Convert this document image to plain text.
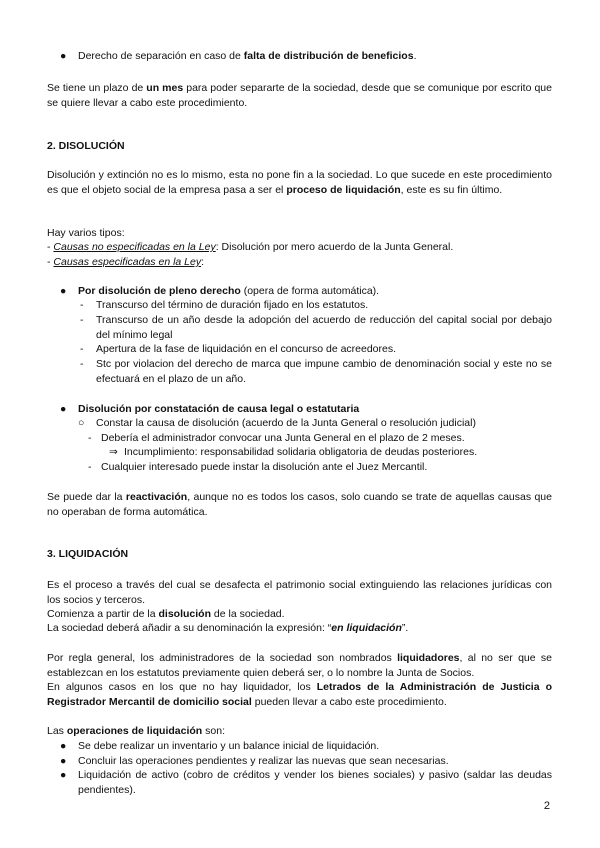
● Derecho de separación en caso de falta de distribución de beneficios.
Se tiene un plazo de un mes para poder separarte de la sociedad, desde que se comunique por escrito que se quiere llevar a cabo este procedimiento.
2. DISOLUCIÓN
Disolución y extinción no es lo mismo, esta no pone fin a la sociedad. Lo que sucede en este procedimiento es que el objeto social de la empresa pasa a ser el proceso de liquidación, este es su fin último.
Hay varios tipos:
- Causas no especificadas en la Ley: Disolución por mero acuerdo de la Junta General.
- Causas especificadas en la Ley:
● Por disolución de pleno derecho (opera de forma automática).
- Transcurso del término de duración fijado en los estatutos.
- Transcurso de un año desde la adopción del acuerdo de reducción del capital social por debajo del mínimo legal
- Apertura de la fase de liquidación en el concurso de acreedores.
- Stc por violacion del derecho de marca que impune cambio de denominación social y este no se efectuará en el plazo de un año.
● Disolución por constatación de causa legal o estatutaria
○ Constar la causa de disolución (acuerdo de la Junta General o resolución judicial)
- Debería el administrador convocar una Junta General en el plazo de 2 meses.
⇒ Incumplimiento: responsabilidad solidaria obligatoria de deudas posteriores.
- Cualquier interesado puede instar la disolución ante el Juez Mercantil.
Se puede dar la reactivación, aunque no es todos los casos, solo cuando se trate de aquellas causas que no operaban de forma automática.
3. LIQUIDACIÓN
Es el proceso a través del cual se desafecta el patrimonio social extinguiendo las relaciones jurídicas con los socios y terceros.
Comienza a partir de la disolución de la sociedad.
La sociedad deberá añadir a su denominación la expresión: “en liquidación”.
Por regla general, los administradores de la sociedad son nombrados liquidadores, al no ser que se establezcan en los estatutos previamente quien deberá ser, o lo nombre la Junta de Socios.
En algunos casos en los que no hay liquidador, los Letrados de la Administración de Justicia o Registrador Mercantil de domicilio social pueden llevar a cabo este procedimiento.
Las operaciones de liquidación son:
● Se debe realizar un inventario y un balance inicial de liquidación.
● Concluir las operaciones pendientes y realizar las nuevas que sean necesarias.
● Liquidación de activo (cobro de créditos y vender los bienes sociales) y pasivo (saldar las deudas pendientes).
2
